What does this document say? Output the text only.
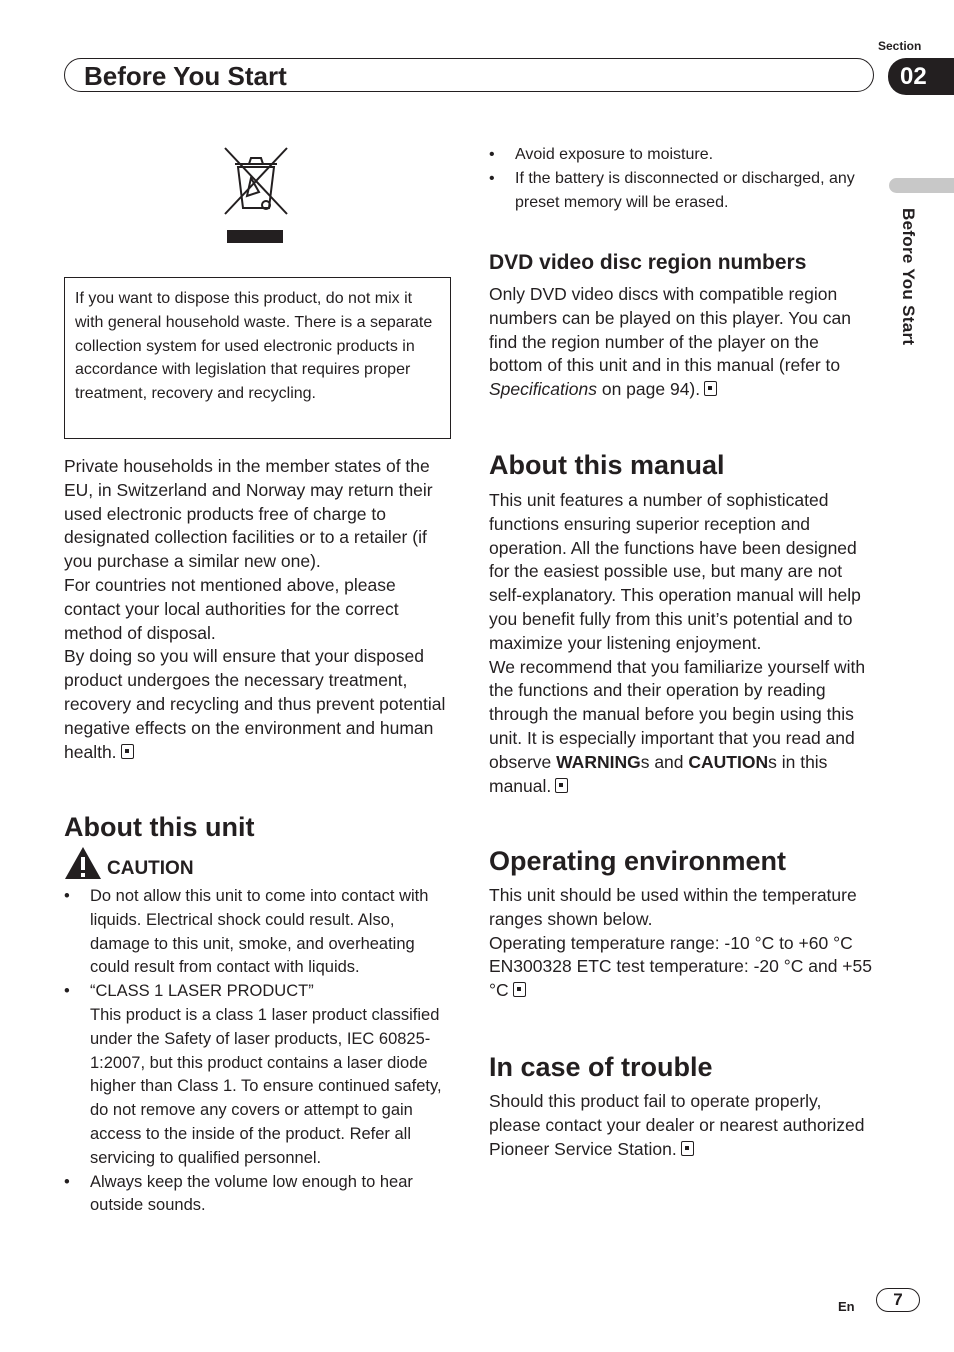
Before You Start
Section
02
Before You Start
If you want to dispose this product, do not mix it with general household waste. There is a separate collection system for used electronic products in accordance with legislation that requires proper treatment, recovery and recycling.
Private households in the member states of the EU, in Switzerland and Norway may return their used electronic products free of charge to designated collection facilities or to a retailer (if you purchase a similar new one).
For countries not mentioned above, please contact your local authorities for the correct method of disposal.
By doing so you will ensure that your disposed product undergoes the necessary treatment, recovery and recycling and thus prevent potential negative effects on the environment and human health.
About this unit
CAUTION
• Do not allow this unit to come into contact with liquids. Electrical shock could result. Also, damage to this unit, smoke, and overheating could result from contact with liquids.
• “CLASS 1 LASER PRODUCT”
This product is a class 1 laser product classified under the Safety of laser products, IEC 60825-1:2007, but this product contains a laser diode higher than Class 1. To ensure continued safety, do not remove any covers or attempt to gain access to the inside of the product. Refer all servicing to qualified personnel.
• Always keep the volume low enough to hear outside sounds.
• Avoid exposure to moisture.
• If the battery is disconnected or discharged, any preset memory will be erased.
DVD video disc region numbers
Only DVD video discs with compatible region numbers can be played on this player. You can find the region number of the player on the bottom of this unit and in this manual (refer to Specifications on page 94).
About this manual
This unit features a number of sophisticated functions ensuring superior reception and operation. All the functions have been designed for the easiest possible use, but many are not self-explanatory. This operation manual will help you benefit fully from this unit’s potential and to maximize your listening enjoyment.
We recommend that you familiarize yourself with the functions and their operation by reading through the manual before you begin using this unit. It is especially important that you read and observe WARNINGs and CAUTIONs in this manual.
Operating environment
This unit should be used within the temperature ranges shown below.
Operating temperature range: -10 °C to +60 °C
EN300328 ETC test temperature: -20 °C and +55 °C
In case of trouble
Should this product fail to operate properly, please contact your dealer or nearest authorized Pioneer Service Station.
En	7
